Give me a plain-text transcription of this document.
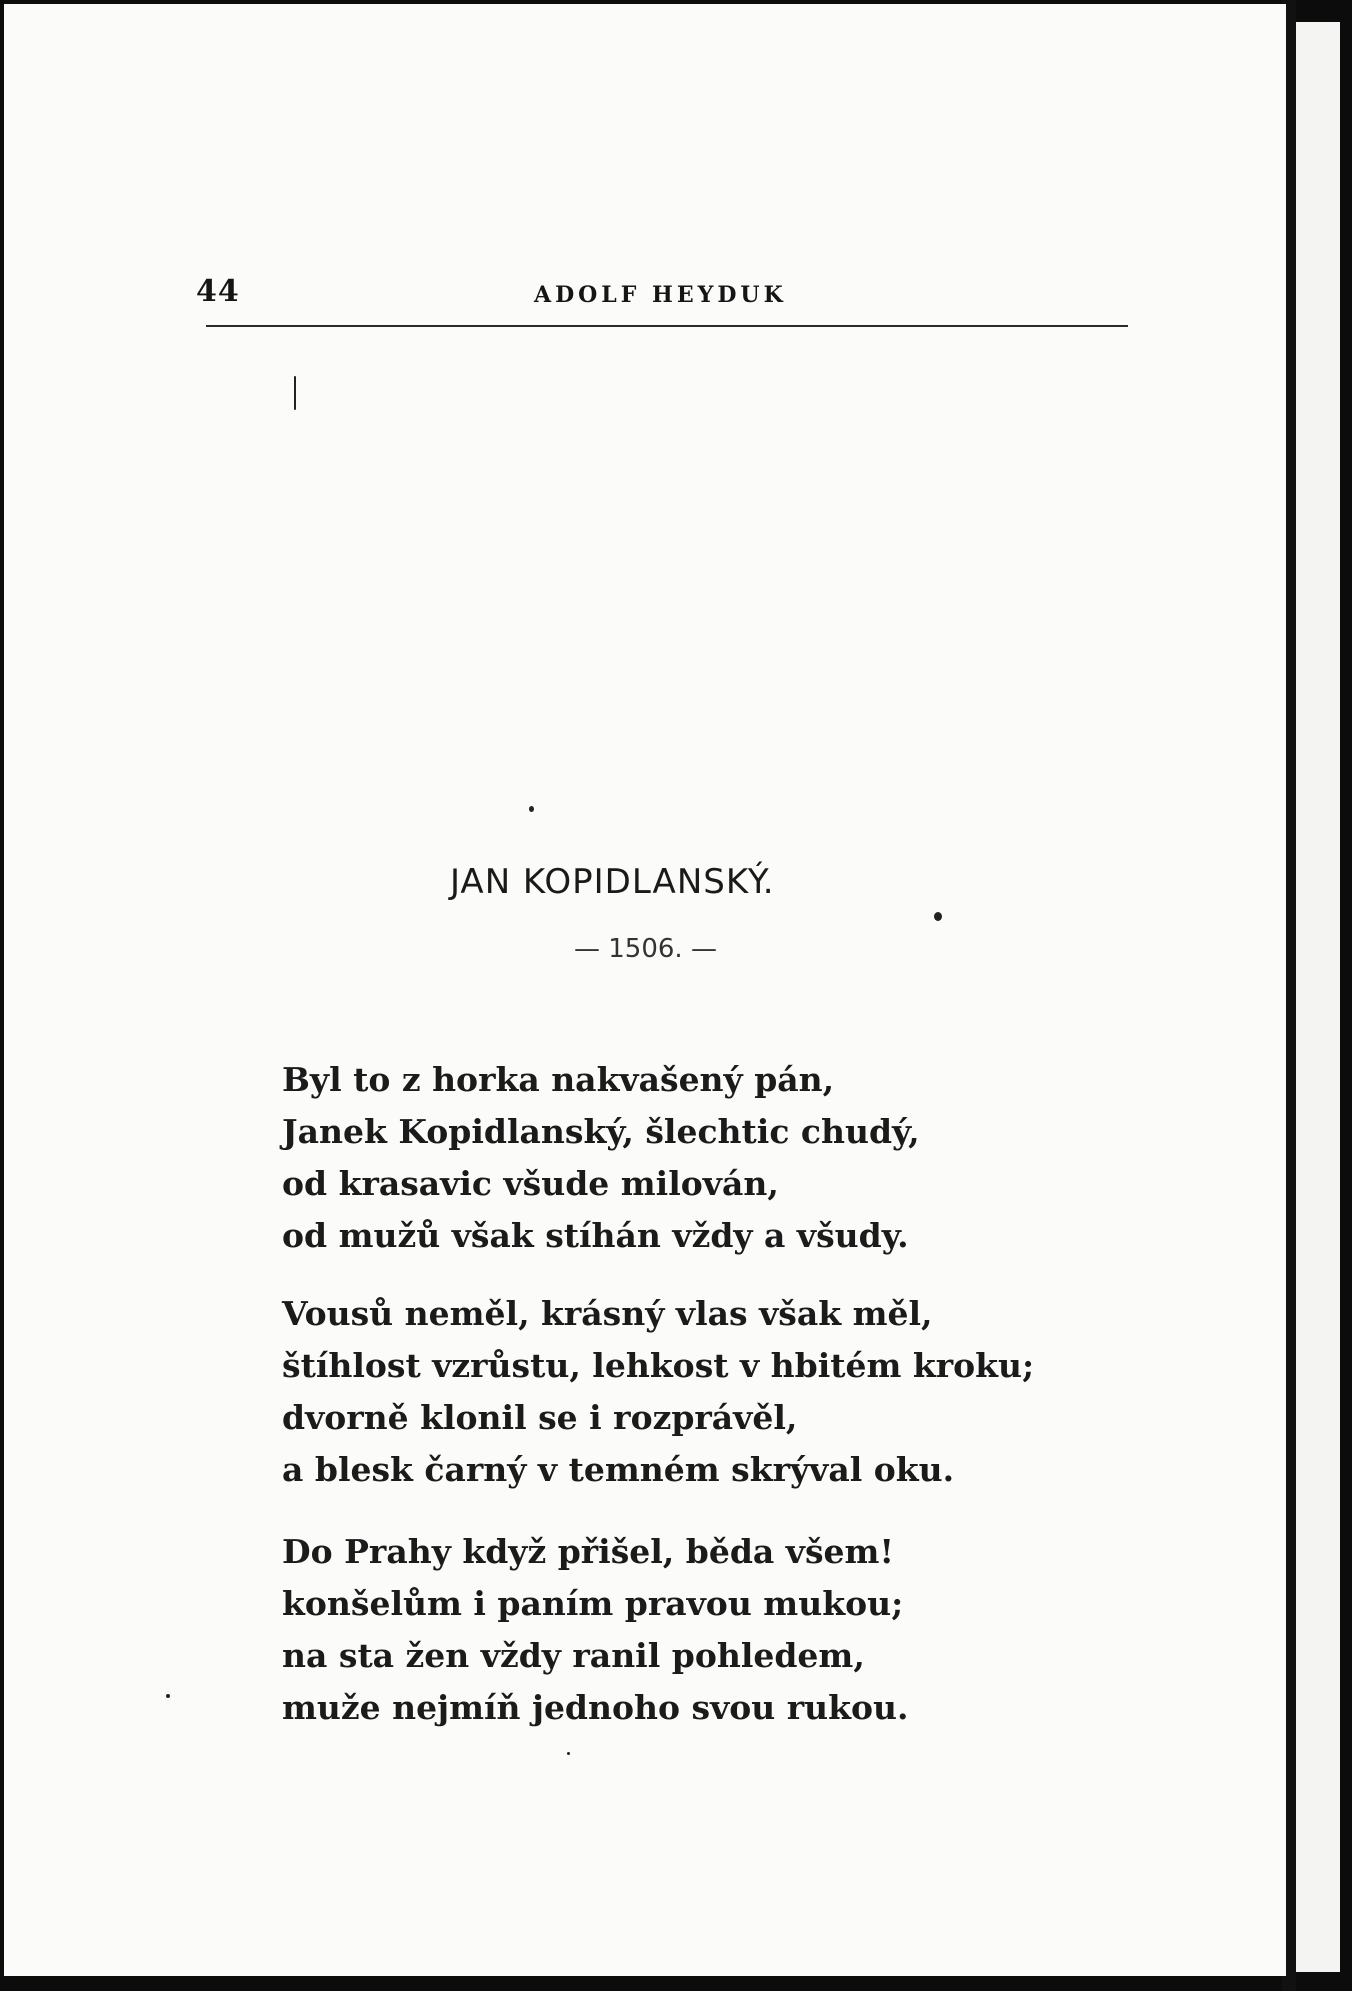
44	ADOLF HEYDUK
JAN KOPIDLANSKÝ.
— 1506. —
Byl to z horka nakvašený pán,
Janek Kopidlanský, šlechtic chudý,
od krasavic všude milován,
od mužů však stíhán vždy a všudy.
Vousů neměl, krásný vlas však měl,
štíhlost vzrůstu, lehkost v hbitém kroku;
dvorně klonil se i rozprávěl,
a blesk čarný v temném skrýval oku.
Do Prahy když přišel, běda všem!
konšelům i paním pravou mukou;
na sta žen vždy ranil pohledem,
muže nejmíň jednoho svou rukou.
